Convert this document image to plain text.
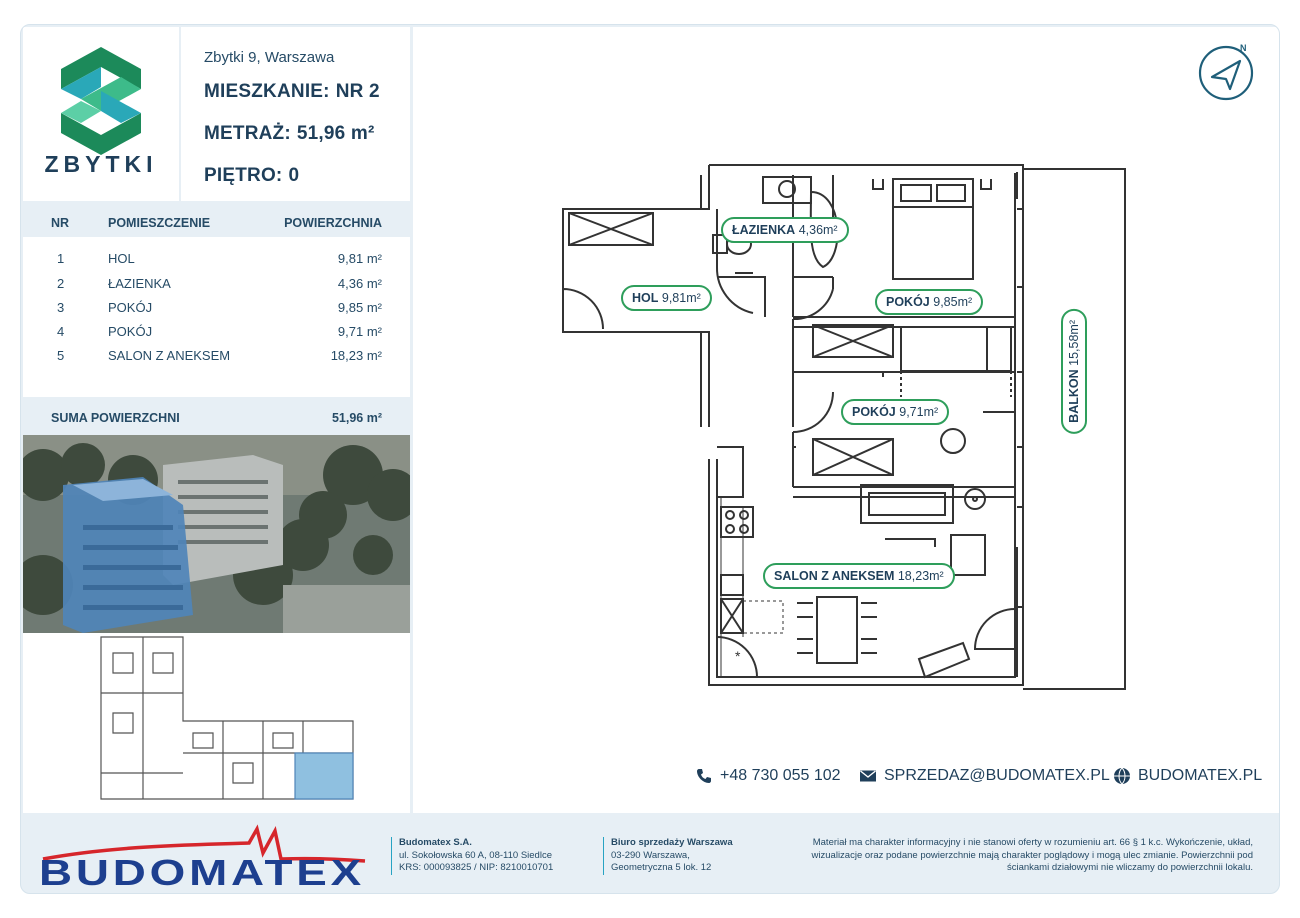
ZBYTKI
Zbytki 9, Warszawa
MIESZKANIE: NR 2
METRAŻ: 51,96 m²
PIĘTRO: 0
NR	POMIESZCZENIE	POWIERZCHNIA
1	HOL	9,81 m²
2	ŁAZIENKA	4,36 m²
3	POKÓJ	9,85 m²
4	POKÓJ	9,71 m²
5	SALON Z ANEKSEM	18,23 m²
SUMA POWIERZCHNI	51,96 m²
N
*
ŁAZIENKA 4,36m²
HOL 9,81m²	POKÓJ 9,85m²
POKÓJ 9,71m²
SALON Z ANEKSEM 18,23m²
BALKON 15,58m²
+48 730 055 102	SPRZEDAZ@BUDOMATEX.PL BUDOMATEX.PL
BUDOMATEX
Budomatex S.A.
ul. Sokołowska 60 A, 08-110 Siedlce
KRS: 000093825 / NIP: 8210010701
Biuro sprzedaży Warszawa
03-290 Warszawa,
Geometryczna 5 lok. 12
Materiał ma charakter informacyjny i nie stanowi oferty w rozumieniu art. 66 § 1 k.c. Wykończenie, układ,
wizualizacje oraz podane powierzchnie mają charakter poglądowy i mogą ulec zmianie. Powierzchnii pod
ściankami działowymi nie wliczamy do powierzchnii lokalu.
